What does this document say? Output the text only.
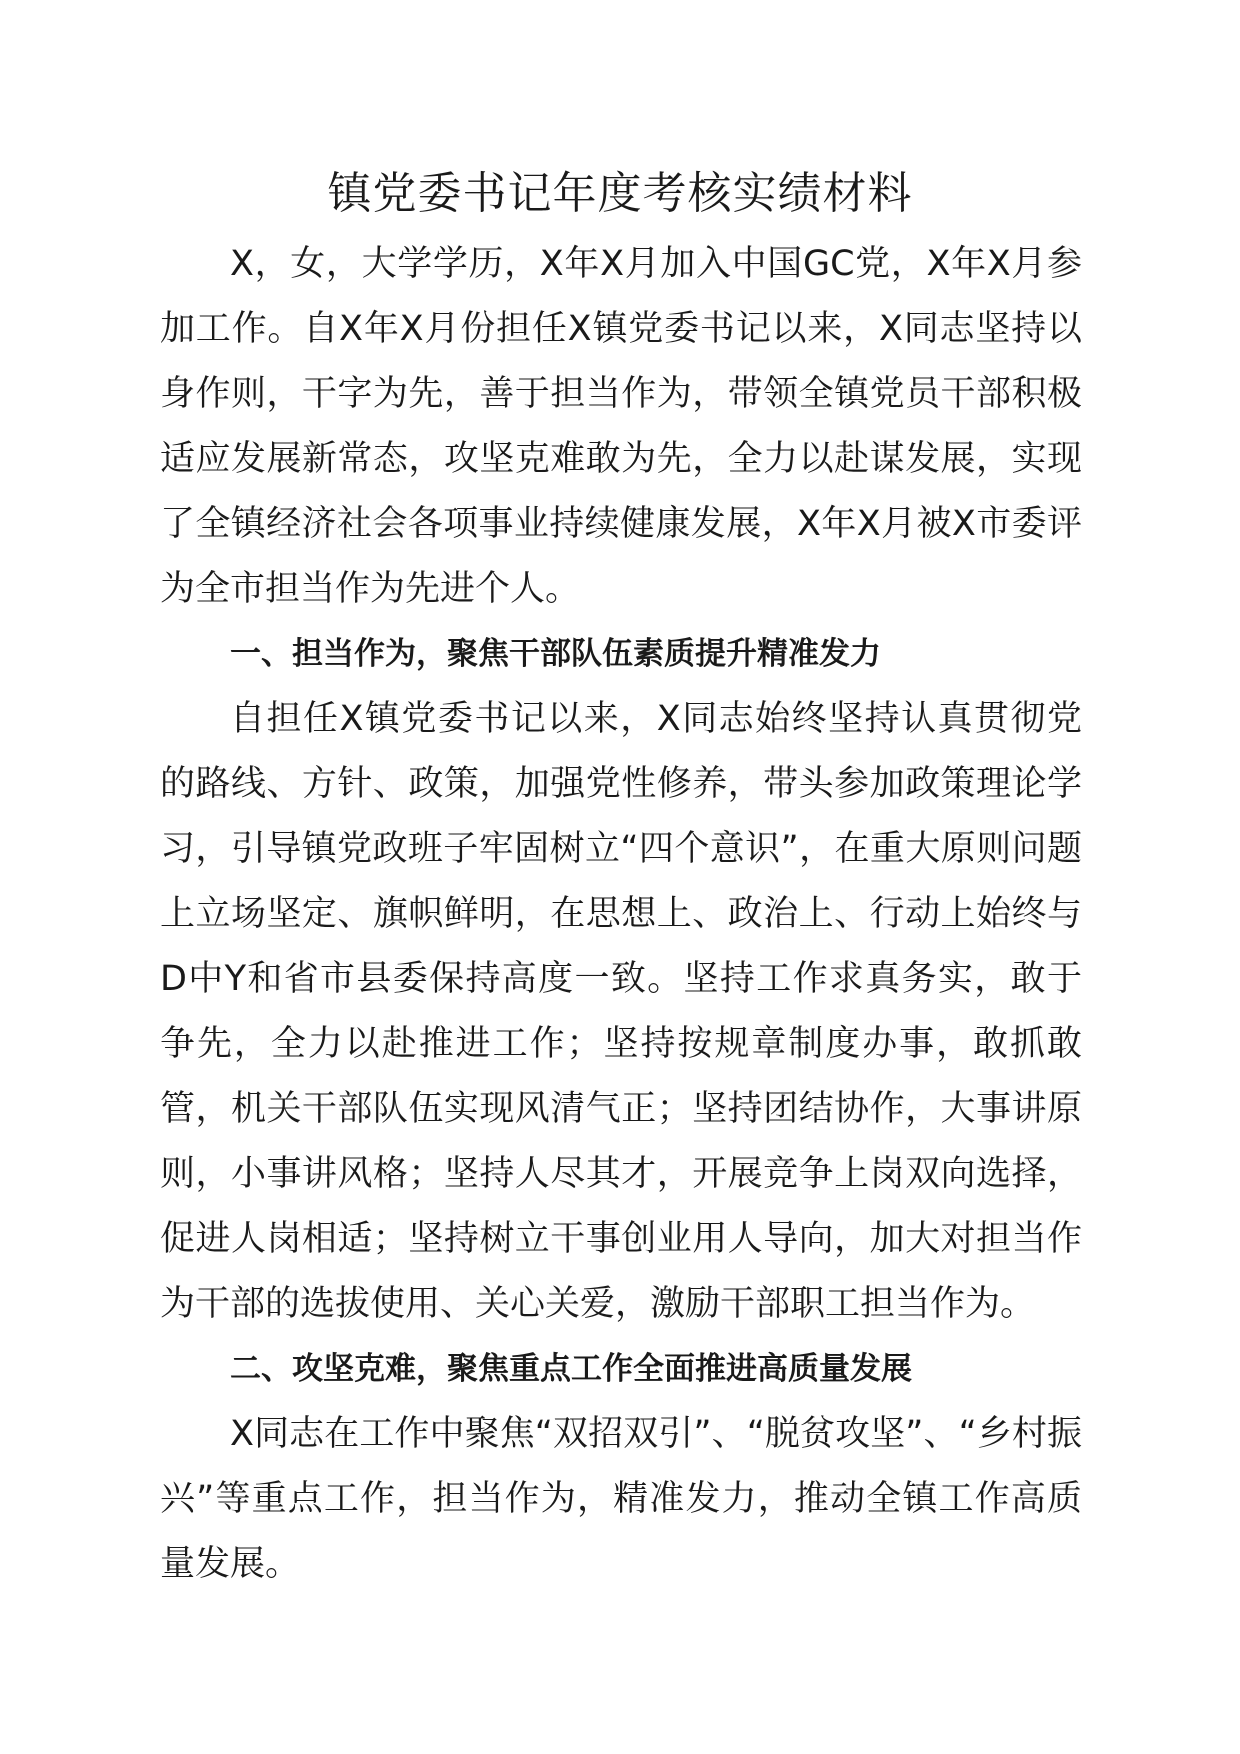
镇党委书记年度考核实绩材料

X，女，大学学历，X年X月加入中国GC党，X年X月参加工作。自X年X月份担任X镇党委书记以来，X同志坚持以身作则，干字为先，善于担当作为，带领全镇党员干部积极适应发展新常态，攻坚克难敢为先，全力以赴谋发展，实现了全镇经济社会各项事业持续健康发展，X年X月被X市委评为全市担当作为先进个人。

一、担当作为，聚焦干部队伍素质提升精准发力

自担任X镇党委书记以来，X同志始终坚持认真贯彻党的路线、方针、政策，加强党性修养，带头参加政策理论学习，引导镇党政班子牢固树立“四个意识”，在重大原则问题上立场坚定、旗帜鲜明，在思想上、政治上、行动上始终与D中Y和省市县委保持高度一致。坚持工作求真务实，敢于争先，全力以赴推进工作；坚持按规章制度办事，敢抓敢管，机关干部队伍实现风清气正；坚持团结协作，大事讲原则，小事讲风格；坚持人尽其才，开展竞争上岗双向选择，促进人岗相适；坚持树立干事创业用人导向，加大对担当作为干部的选拔使用、关心关爱，激励干部职工担当作为。

二、攻坚克难，聚焦重点工作全面推进高质量发展

X同志在工作中聚焦“双招双引”、“脱贫攻坚”、“乡村振兴”等重点工作，担当作为，精准发力，推动全镇工作高质量发展。
